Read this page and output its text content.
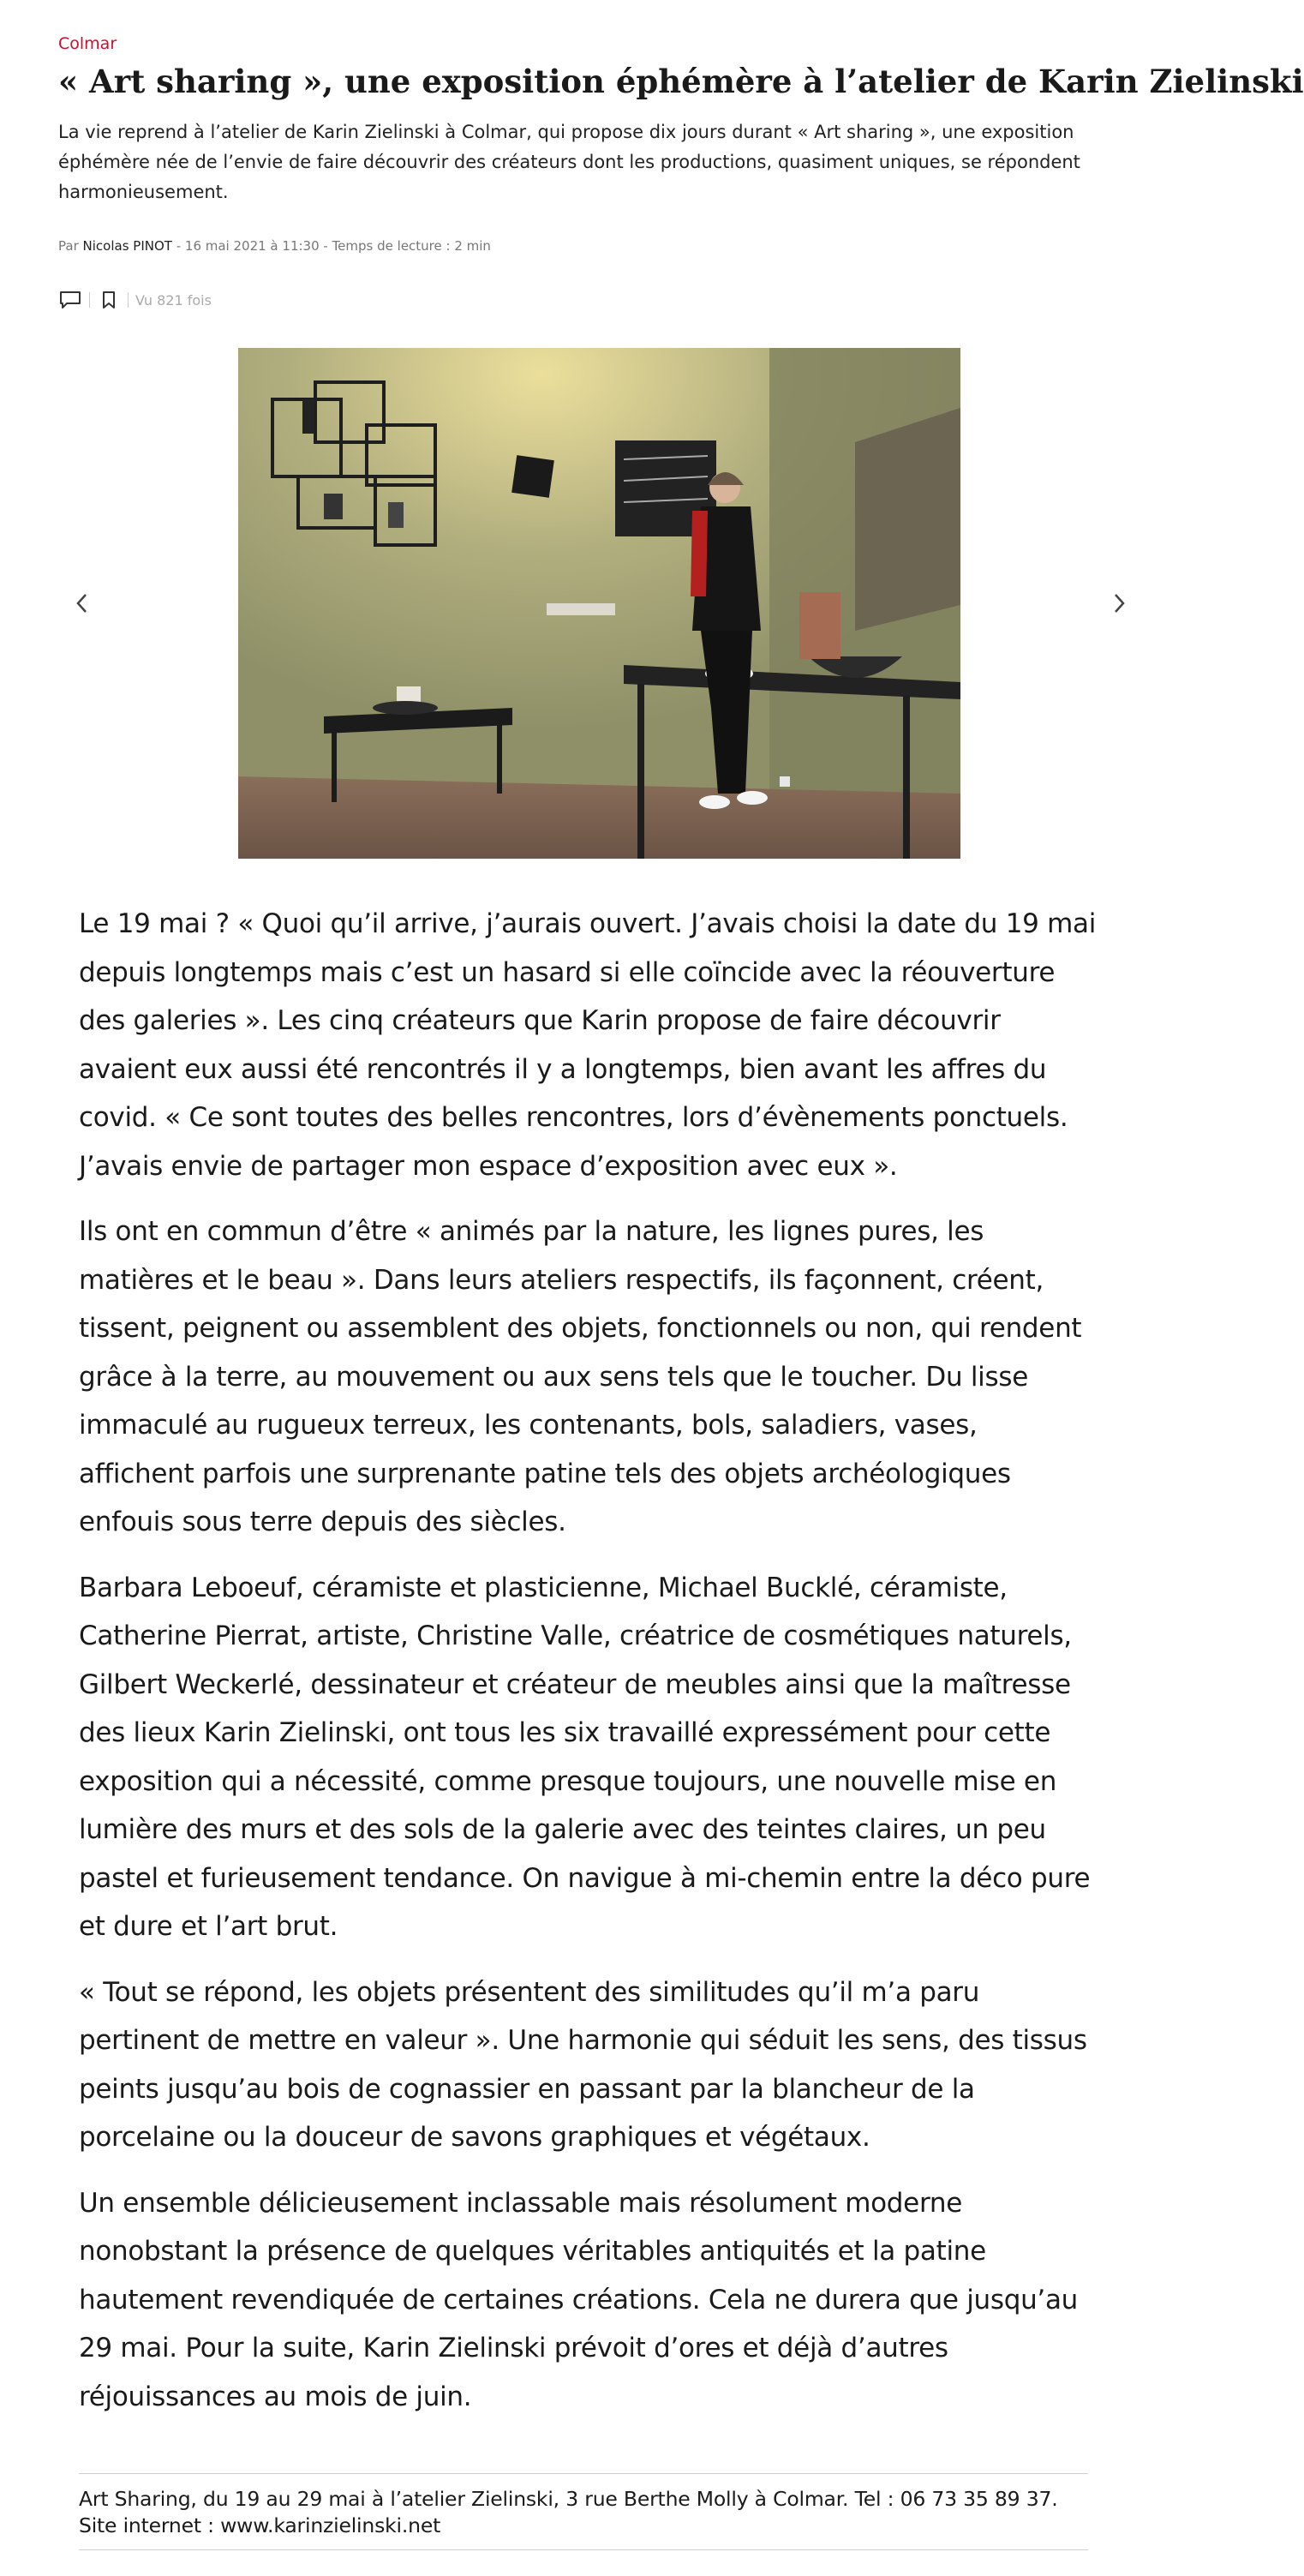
Colmar
« Art sharing », une exposition éphémère à l’atelier de Karin Zielinski
La vie reprend à l’atelier de Karin Zielinski à Colmar, qui propose dix jours durant « Art sharing », une exposition éphémère née de l’envie de faire découvrir des créateurs dont les productions, quasiment uniques, se répondent harmonieusement.
Par Nicolas PINOT - 16 mai 2021 à 11:30 - Temps de lecture : 2 min
Vu 821 fois

Le 19 mai ? « Quoi qu’il arrive, j’aurais ouvert. J’avais choisi la date du 19 mai depuis longtemps mais c’est un hasard si elle coïncide avec la réouverture des galeries ». Les cinq créateurs que Karin propose de faire découvrir avaient eux aussi été rencontrés il y a longtemps, bien avant les affres du covid. « Ce sont toutes des belles rencontres, lors d’évènements ponctuels. J’avais envie de partager mon espace d’exposition avec eux ».

Ils ont en commun d’être « animés par la nature, les lignes pures, les matières et le beau ». Dans leurs ateliers respectifs, ils façonnent, créent, tissent, peignent ou assemblent des objets, fonctionnels ou non, qui rendent grâce à la terre, au mouvement ou aux sens tels que le toucher. Du lisse immaculé au rugueux terreux, les contenants, bols, saladiers, vases, affichent parfois une surprenante patine tels des objets archéologiques enfouis sous terre depuis des siècles.

Barbara Leboeuf, céramiste et plasticienne, Michael Bucklé, céramiste, Catherine Pierrat, artiste, Christine Valle, créatrice de cosmétiques naturels, Gilbert Weckerlé, dessinateur et créateur de meubles ainsi que la maîtresse des lieux Karin Zielinski, ont tous les six travaillé expressément pour cette exposition qui a nécessité, comme presque toujours, une nouvelle mise en lumière des murs et des sols de la galerie avec des teintes claires, un peu pastel et furieusement tendance. On navigue à mi-chemin entre la déco pure et dure et l’art brut.

« Tout se répond, les objets présentent des similitudes qu’il m’a paru pertinent de mettre en valeur ». Une harmonie qui séduit les sens, des tissus peints jusqu’au bois de cognassier en passant par la blancheur de la porcelaine ou la douceur de savons graphiques et végétaux.

Un ensemble délicieusement inclassable mais résolument moderne nonobstant la présence de quelques véritables antiquités et la patine hautement revendiquée de certaines créations. Cela ne durera que jusqu’au 29 mai. Pour la suite, Karin Zielinski prévoit d’ores et déjà d’autres réjouissances au mois de juin.

Art Sharing, du 19 au 29 mai à l’atelier Zielinski, 3 rue Berthe Molly à Colmar. Tel : 06 73 35 89 37.
Site internet : www.karinzielinski.net
